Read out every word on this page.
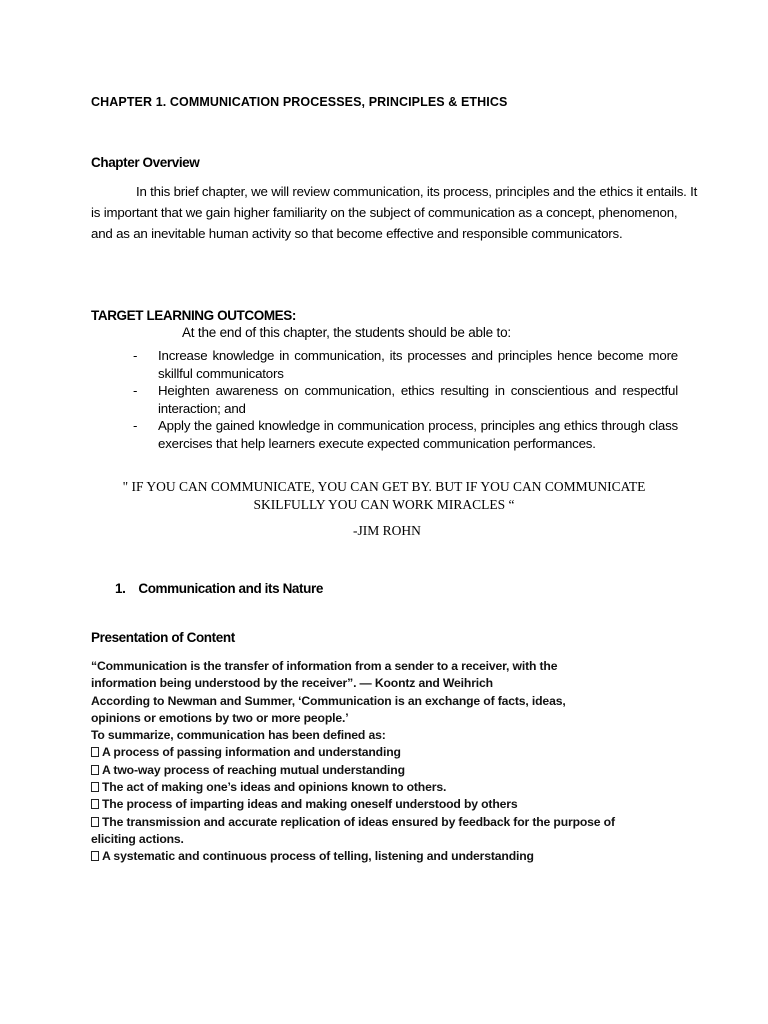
CHAPTER 1. COMMUNICATION PROCESSES, PRINCIPLES & ETHICS
Chapter Overview
In this brief chapter, we will review communication, its process, principles and the ethics it entails. It
is important that we gain higher familiarity on the subject of communication as a concept, phenomenon,
and as an inevitable human activity so that become effective and responsible communicators.
TARGET LEARNING OUTCOMES:
At the end of this chapter, the students should be able to:
- Increase knowledge in communication, its processes and principles hence become more
skillful communicators
- Heighten awareness on communication, ethics resulting in conscientious and respectful
interaction; and
- Apply the gained knowledge in communication process, principles ang ethics through class
exercises that help learners execute expected communication performances.
" IF YOU CAN COMMUNICATE, YOU CAN GET BY. BUT IF YOU CAN COMMUNICATE
SKILFULLY YOU CAN WORK MIRACLES “
-JIM ROHN
1. Communication and its Nature
Presentation of Content
“Communication is the transfer of information from a sender to a receiver, with the
information being understood by the receiver”. — Koontz and Weihrich
According to Newman and Summer, ‘Communication is an exchange of facts, ideas,
opinions or emotions by two or more people.’
To summarize, communication has been defined as:
A process of passing information and understanding
A two-way process of reaching mutual understanding
The act of making one’s ideas and opinions known to others.
The process of imparting ideas and making oneself understood by others
The transmission and accurate replication of ideas ensured by feedback for the purpose of
eliciting actions.
A systematic and continuous process of telling, listening and understanding
